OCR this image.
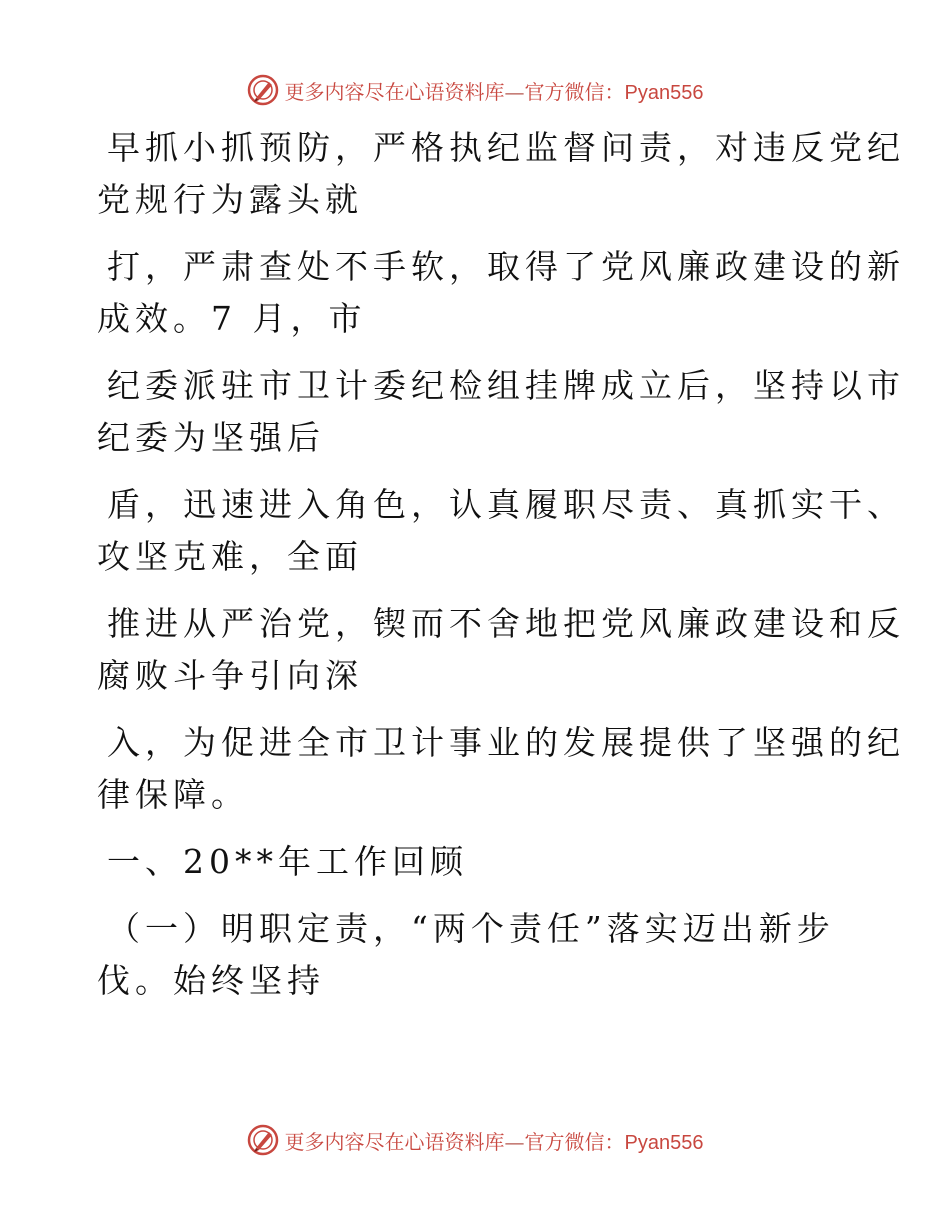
更多内容尽在心语资料库—官方微信：Pyan556

早抓小抓预防，严格执纪监督问责，对违反党纪
党规行为露头就

打，严肃查处不手软，取得了党风廉政建设的新
成效。7 月，市

纪委派驻市卫计委纪检组挂牌成立后，坚持以市
纪委为坚强后

盾，迅速进入角色，认真履职尽责、真抓实干、
攻坚克难，全面

推进从严治党，锲而不舍地把党风廉政建设和反
腐败斗争引向深

入，为促进全市卫计事业的发展提供了坚强的纪
律保障。

一、20**年工作回顾

（一）明职定责，“两个责任”落实迈出新步
伐。始终坚持

更多内容尽在心语资料库—官方微信：Pyan556
